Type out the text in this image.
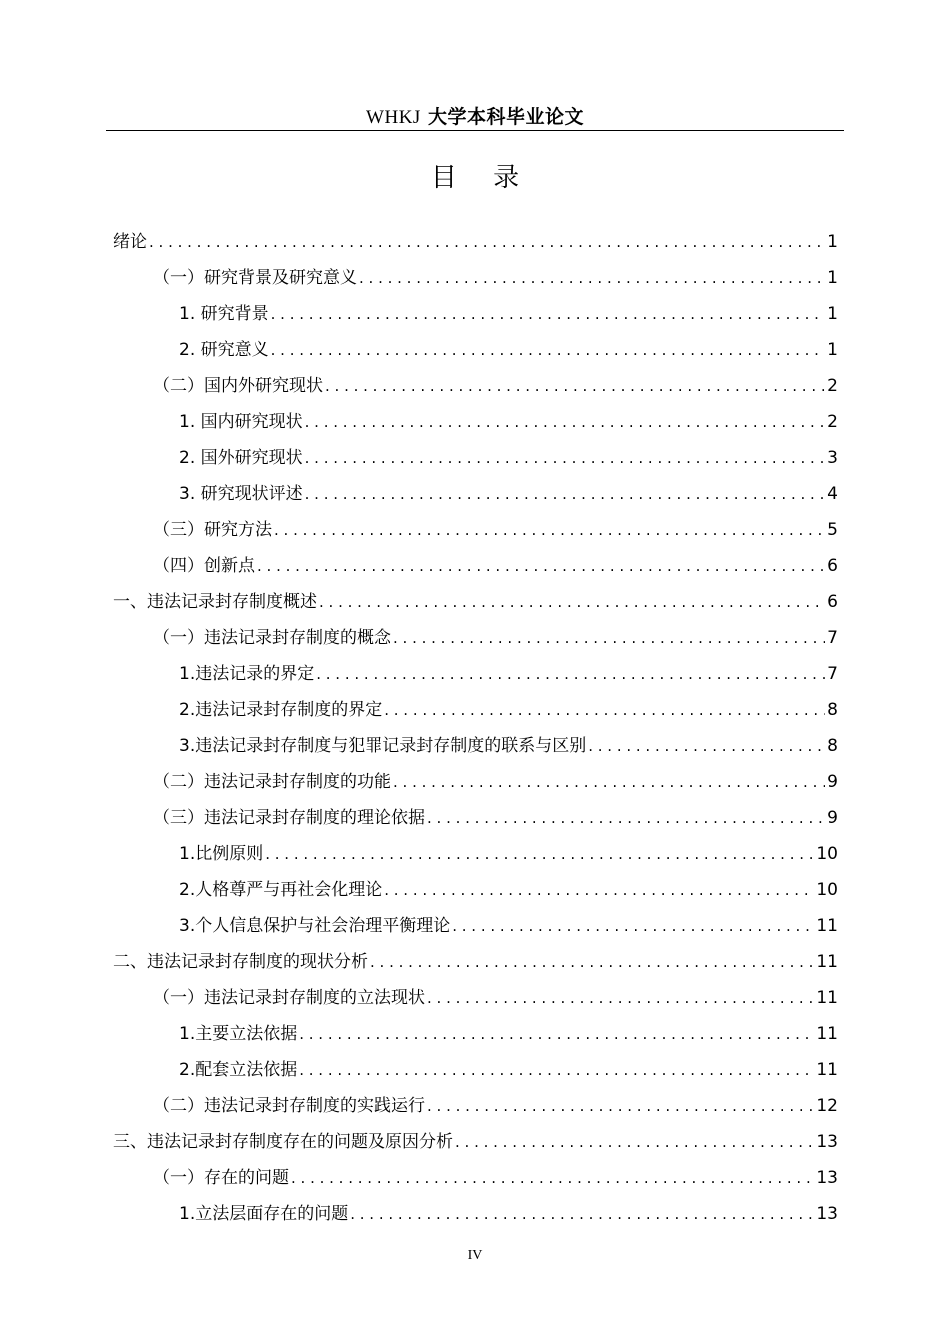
WHKJ 大学本科毕业论文
目 录
绪论 . . .	1
（一）研究背景及研究意义 . . .	1
1. 研究背景 . . .	1
2. 研究意义 . . .	1
（二）国内外研究现状 . . .	2
1. 国内研究现状 . . .	2
2. 国外研究现状 . . .	3
3. 研究现状评述 . . .	4
（三）研究方法 . . .	5
（四）创新点 . . .	6
一、违法记录封存制度概述 . . .	6
（一）违法记录封存制度的概念 . . .	7
1.违法记录的界定 . . .	7
2.违法记录封存制度的界定 . . .	8
3.违法记录封存制度与犯罪记录封存制度的联系与区别 . . .	8
（二）违法记录封存制度的功能 . . .	9
（三）违法记录封存制度的理论依据 . . .	9
1.比例原则 . . .	10
2.人格尊严与再社会化理论 . . .	10
3.个人信息保护与社会治理平衡理论 . . .	11
二、违法记录封存制度的现状分析 . . .	11
（一）违法记录封存制度的立法现状 . . .	11
1.主要立法依据 . . .	11
2.配套立法依据 . . .	11
（二）违法记录封存制度的实践运行 . . .	12
三、违法记录封存制度存在的问题及原因分析 . . .	13
（一）存在的问题 . . .	13
1.立法层面存在的问题 . . .	13
IV
